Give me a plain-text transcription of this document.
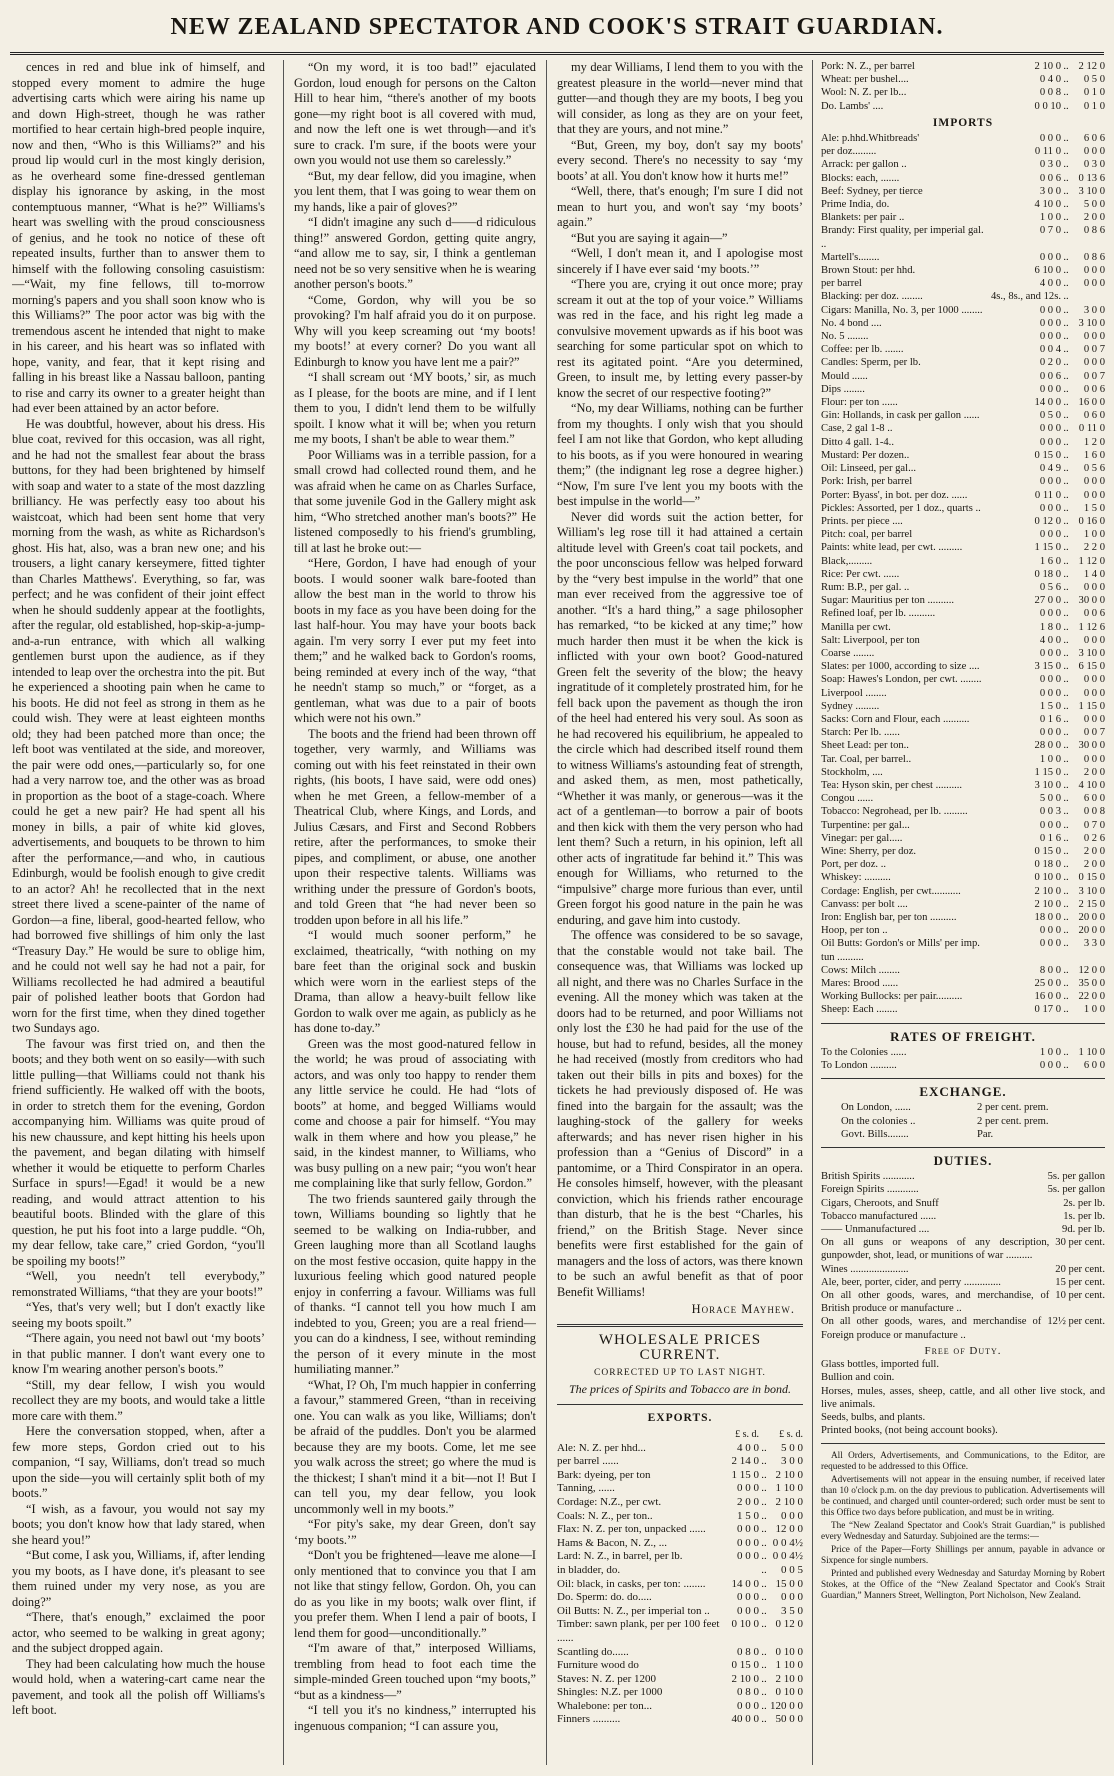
NEW ZEALAND SPECTATOR AND COOK'S STRAIT GUARDIAN.

cences in red and blue ink of himself, and stopped every moment to admire the huge advertising carts which were airing his name up and down High-street, though he was rather mortified to hear certain high-bred people inquire, now and then, “Who is this Williams?” and his proud lip would curl in the most kingly derision, as he overheard some fine-dressed gentleman display his ignorance by asking, in the most contemptuous manner, “What is he?” Williams's heart was swelling with the proud consciousness of genius, and he took no notice of these oft repeated insults, further than to answer them to himself with the following consoling casuistism: —“Wait, my fine fellows, till to-morrow morning's papers and you shall soon know who is this Williams?” The poor actor was big with the tremendous ascent he intended that night to make in his career, and his heart was so inflated with hope, vanity, and fear, that it kept rising and falling in his breast like a Nassau balloon, panting to rise and carry its owner to a greater height than had ever been attained by an actor before.

He was doubtful, however, about his dress. His blue coat, revived for this occasion, was all right, and he had not the smallest fear about the brass buttons, for they had been brightened by himself with soap and water to a state of the most dazzling brilliancy. He was perfectly easy too about his waistcoat, which had been sent home that very morning from the wash, as white as Richardson's ghost. His hat, also, was a bran new one; and his trousers, a light canary kerseymere, fitted tighter than Charles Matthews'. Everything, so far, was perfect; and he was confident of their joint effect when he should suddenly appear at the footlights, after the regular, old established, hop-skip-a-jump-and-a-run entrance, with which all walking gentlemen burst upon the audience, as if they intended to leap over the orchestra into the pit. But he experienced a shooting pain when he came to his boots. He did not feel as strong in them as he could wish. They were at least eighteen months old; they had been patched more than once; the left boot was ventilated at the side, and moreover, the pair were odd ones,—particularly so, for one had a very narrow toe, and the other was as broad in proportion as the boot of a stage-coach. Where could he get a new pair? He had spent all his money in bills, a pair of white kid gloves, advertisements, and bouquets to be thrown to him after the performance,—and who, in cautious Edinburgh, would be foolish enough to give credit to an actor? Ah! he recollected that in the next street there lived a scene-painter of the name of Gordon—a fine, liberal, good-hearted fellow, who had borrowed five shillings of him only the last “Treasury Day.” He would be sure to oblige him, and he could not well say he had not a pair, for Williams recollected he had admired a beautiful pair of polished leather boots that Gordon had worn for the first time, when they dined together two Sundays ago.

The favour was first tried on, and then the boots; and they both went on so easily—with such little pulling—that Williams could not thank his friend sufficiently. He walked off with the boots, in order to stretch them for the evening, Gordon accompanying him. Williams was quite proud of his new chaussure, and kept hitting his heels upon the pavement, and began dilating with himself whether it would be etiquette to perform Charles Surface in spurs!—Egad! it would be a new reading, and would attract attention to his beautiful boots. Blinded with the glare of this question, he put his foot into a large puddle. “Oh, my dear fellow, take care,” cried Gordon, “you'll be spoiling my boots!”

“Well, you needn't tell everybody,” remonstrated Williams, “that they are your boots!”

“Yes, that's very well; but I don't exactly like seeing my boots spoilt.”

“There again, you need not bawl out ‘my boots’ in that public manner. I don't want every one to know I'm wearing another person's boots.”

“Still, my dear fellow, I wish you would recollect they are my boots, and would take a little more care with them.”

Here the conversation stopped, when, after a few more steps, Gordon cried out to his companion, “I say, Williams, don't tread so much upon the side—you will certainly split both of my boots.”

“I wish, as a favour, you would not say my boots; you don't know how that lady stared, when she heard you!”

“But come, I ask you, Williams, if, after lending you my boots, as I have done, it's pleasant to see them ruined under my very nose, as you are doing?”

“There, that's enough,” exclaimed the poor actor, who seemed to be walking in great agony; and the subject dropped again.

They had been calculating how much the house would hold, when a watering-cart came near the pavement, and took all the polish off Williams's left boot.

“On my word, it is too bad!” ejaculated Gordon, loud enough for persons on the Calton Hill to hear him, “there's another of my boots gone—my right boot is all covered with mud, and now the left one is wet through—and it's sure to crack. I'm sure, if the boots were your own you would not use them so carelessly.”

“But, my dear fellow, did you imagine, when you lent them, that I was going to wear them on my hands, like a pair of gloves?”

“I didn't imagine any such d——d ridiculous thing!” answered Gordon, getting quite angry, “and allow me to say, sir, I think a gentleman need not be so very sensitive when he is wearing another person's boots.”

“Come, Gordon, why will you be so provoking? I'm half afraid you do it on purpose. Why will you keep screaming out ‘my boots! my boots!’ at every corner? Do you want all Edinburgh to know you have lent me a pair?”

“I shall scream out ‘MY boots,’ sir, as much as I please, for the boots are mine, and if I lent them to you, I didn't lend them to be wilfully spoilt. I know what it will be; when you return me my boots, I shan't be able to wear them.”

Poor Williams was in a terrible passion, for a small crowd had collected round them, and he was afraid when he came on as Charles Surface, that some juvenile God in the Gallery might ask him, “Who stretched another man's boots?” He listened composedly to his friend's grumbling, till at last he broke out:—

“Here, Gordon, I have had enough of your boots. I would sooner walk bare-footed than allow the best man in the world to throw his boots in my face as you have been doing for the last half-hour. You may have your boots back again. I'm very sorry I ever put my feet into them;” and he walked back to Gordon's rooms, being reminded at every inch of the way, “that he needn't stamp so much,” or “forget, as a gentleman, what was due to a pair of boots which were not his own.”

The boots and the friend had been thrown off together, very warmly, and Williams was coming out with his feet reinstated in their own rights, (his boots, I have said, were odd ones) when he met Green, a fellow-member of a Theatrical Club, where Kings, and Lords, and Julius Cæsars, and First and Second Robbers retire, after the performances, to smoke their pipes, and compliment, or abuse, one another upon their respective talents. Williams was writhing under the pressure of Gordon's boots, and told Green that “he had never been so trodden upon before in all his life.”

“I would much sooner perform,” he exclaimed, theatrically, “with nothing on my bare feet than the original sock and buskin which were worn in the earliest steps of the Drama, than allow a heavy-built fellow like Gordon to walk over me again, as publicly as he has done to-day.”

Green was the most good-natured fellow in the world; he was proud of associating with actors, and was only too happy to render them any little service he could. He had “lots of boots” at home, and begged Williams would come and choose a pair for himself. “You may walk in them where and how you please,” he said, in the kindest manner, to Williams, who was busy pulling on a new pair; “you won't hear me complaining like that surly fellow, Gordon.”

The two friends sauntered gaily through the town, Williams bounding so lightly that he seemed to be walking on India-rubber, and Green laughing more than all Scotland laughs on the most festive occasion, quite happy in the luxurious feeling which good natured people enjoy in conferring a favour. Williams was full of thanks. “I cannot tell you how much I am indebted to you, Green; you are a real friend—you can do a kindness, I see, without reminding the person of it every minute in the most humiliating manner.”

“What, I? Oh, I'm much happier in conferring a favour,” stammered Green, “than in receiving one. You can walk as you like, Williams; don't be afraid of the puddles. Don't you be alarmed because they are my boots. Come, let me see you walk across the street; go where the mud is the thickest; I shan't mind it a bit—not I! But I can tell you, my dear fellow, you look uncommonly well in my boots.”

“For pity's sake, my dear Green, don't say ‘my boots.’”

“Don't you be frightened—leave me alone—I only mentioned that to convince you that I am not like that stingy fellow, Gordon. Oh, you can do as you like in my boots; walk over flint, if you prefer them. When I lend a pair of boots, I lend them for good—unconditionally.”

“I'm aware of that,” interposed Williams, trembling from head to foot each time the simple-minded Green touched upon “my boots,” “but as a kindness—”

“I tell you it's no kindness,” interrupted his ingenuous companion; “I can assure you,

my dear Williams, I lend them to you with the greatest pleasure in the world—never mind that gutter—and though they are my boots, I beg you will consider, as long as they are on your feet, that they are yours, and not mine.”

“But, Green, my boy, don't say my boots' every second. There's no necessity to say ‘my boots’ at all. You don't know how it hurts me!”

“Well, there, that's enough; I'm sure I did not mean to hurt you, and won't say ‘my boots’ again.”

“But you are saying it again—”

“Well, I don't mean it, and I apologise most sincerely if I have ever said ‘my boots.’”

“There you are, crying it out once more; pray scream it out at the top of your voice.” Williams was red in the face, and his right leg made a convulsive movement upwards as if his boot was searching for some particular spot on which to rest its agitated point. “Are you determined, Green, to insult me, by letting every passer-by know the secret of our respective footing?”

“No, my dear Williams, nothing can be further from my thoughts. I only wish that you should feel I am not like that Gordon, who kept alluding to his boots, as if you were honoured in wearing them;” (the indignant leg rose a degree higher.) “Now, I'm sure I've lent you my boots with the best impulse in the world—”

Never did words suit the action better, for William's leg rose till it had attained a certain altitude level with Green's coat tail pockets, and the poor unconscious fellow was helped forward by the “very best impulse in the world” that one man ever received from the aggressive toe of another. “It's a hard thing,” a sage philosopher has remarked, “to be kicked at any time;” how much harder then must it be when the kick is inflicted with your own boot? Good-natured Green felt the severity of the blow; the heavy ingratitude of it completely prostrated him, for he fell back upon the pavement as though the iron of the heel had entered his very soul. As soon as he had recovered his equilibrium, he appealed to the circle which had described itself round them to witness Williams's astounding feat of strength, and asked them, as men, most pathetically, “Whether it was manly, or generous—was it the act of a gentleman—to borrow a pair of boots and then kick with them the very person who had lent them? Such a return, in his opinion, left all other acts of ingratitude far behind it.” This was enough for Williams, who returned to the “impulsive” charge more furious than ever, until Green forgot his good nature in the pain he was enduring, and gave him into custody.

The offence was considered to be so savage, that the constable would not take bail. The consequence was, that Williams was locked up all night, and there was no Charles Surface in the evening. All the money which was taken at the doors had to be returned, and poor Williams not only lost the £30 he had paid for the use of the house, but had to refund, besides, all the money he had received (mostly from creditors who had taken out their bills in pits and boxes) for the tickets he had previously disposed of. He was fined into the bargain for the assault; was the laughing-stock of the gallery for weeks afterwards; and has never risen higher in his profession than a “Genius of Discord” in a pantomime, or a Third Conspirator in an opera. He consoles himself, however, with the pleasant conviction, which his friends rather encourage than disturb, that he is the best “Charles, his friend,” on the British Stage. Never since benefits were first established for the gain of managers and the loss of actors, was there known to be such an awful benefit as that of poor Benefit Williams!

Horace Mayhew.
WHOLESALE PRICES CURRENT.
CORRECTED UP TO LAST NIGHT.
The prices of Spirits and Tobacco are in bond.
EXPORTS.
	£ s. d.		£ s. d.
Ale: N. Z. per hhd...	4 0 0	..	5 0 0
per barrel ......	2 14 0	..	3 0 0
Bark: dyeing, per ton	1 15 0	..	2 10 0
Tanning, ......	0 0 0	..	1 10 0
Cordage: N.Z., per cwt.	2 0 0	..	2 10 0
Coals: N. Z., per ton..	1 5 0	..	0 0 0
Flax: N. Z. per ton, unpacked ......	0 0 0	..	12 0 0
Hams & Bacon, N. Z., ...	0 0 0	..	0 0 4½
Lard: N. Z., in barrel, per lb.	0 0 0	..	0 0 4½
in bladder, do.		..	0 0 5
Oil: black, in casks, per ton: ........	14 0 0	..	15 0 0
Do. Sperm: do. do.....	0 0 0	..	0 0 0
Oil Butts: N. Z., per imperial ton ..	0 0 0	..	3 5 0
Timber: sawn plank, per per 100 feet ......	0 10 0	..	0 12 0
Scantling do......	0 8 0	..	0 10 0
Furniture wood do	0 15 0	..	1 10 0
Staves: N. Z. per 1200	2 10 0	..	2 10 0
Shingles: N.Z. per 1000	0 8 0	..	0 10 0
Whalebone: per ton...	0 0 0	..	120 0 0
Finners ..........	40 0 0	..	50 0 0
Pork: N. Z., per barrel	2 10 0	..	2 12 0
Wheat: per bushel....	0 4 0	..	0 5 0
Wool: N. Z. per lb...	0 0 8	..	0 1 0
Do. Lambs' ....	0 0 10	..	0 1 0
IMPORTS
Ale: p.hhd.Whitbreads'	0 0 0	..	6 0 6
per doz.........	0 11 0	..	0 0 0
Arrack: per gallon ..	0 3 0	..	0 3 0
Blocks: each, .......	0 0 6	..	0 13 6
Beef: Sydney, per tierce	3 0 0	..	3 10 0
Prime India, do.	4 10 0	..	5 0 0
Blankets: per pair ..	1 0 0	..	2 0 0
Brandy: First quality, per imperial gal. ..	0 7 0	..	0 8 6
Martell's........	0 0 0	..	0 8 6
Brown Stout: per hhd.	6 10 0	..	0 0 0
per barrel	4 0 0	..	0 0 0
Blacking: per doz. ........	4s., 8s., and 12s.	..	
Cigars: Manilla, No. 3, per 1000 ........	0 0 0	..	3 0 0
No. 4 bond ....	0 0 0	..	3 10 0
No. 5 ........	0 0 0	..	0 0 0
Coffee: per lb. .......	0 0 4	..	0 0 7
Candles: Sperm, per lb.	0 2 0	..	0 0 0
Mould ......	0 0 6	..	0 0 7
Dips ........	0 0 0	..	0 0 6
Flour: per ton ......	14 0 0	..	16 0 0
Gin: Hollands, in cask per gallon ......	0 5 0	..	0 6 0
Case, 2 gal 1-8 ..	0 0 0	..	0 11 0
Ditto 4 gall. 1-4..	0 0 0	..	1 2 0
Mustard: Per dozen..	0 15 0	..	1 6 0
Oil: Linseed, per gal...	0 4 9	..	0 5 6
Pork: Irish, per barrel	0 0 0	..	0 0 0
Porter: Byass', in bot. per doz. ......	0 11 0	..	0 0 0
Pickles: Assorted, per 1 doz., quarts ..	0 0 0	..	1 5 0
Prints. per piece ....	0 12 0	..	0 16 0
Pitch: coal, per barrel	0 0 0	..	1 0 0
Paints: white lead, per cwt. .........	1 15 0	..	2 2 0
Black,.........	1 6 0	..	1 12 0
Rice: Per cwt. ......	0 18 0	..	1 4 0
Rum: B.P., per gal. ..	0 5 6	..	0 0 0
Sugar: Mauritius per ton ..........	27 0 0	..	30 0 0
Refined loaf, per lb. ..........	0 0 0	..	0 0 6
Manilla per cwt.	1 8 0	..	1 12 6
Salt: Liverpool, per ton	4 0 0	..	0 0 0
Coarse ........	0 0 0	..	3 10 0
Slates: per 1000, according to size ....	3 15 0	..	6 15 0
Soap: Hawes's London, per cwt. ........	0 0 0	..	0 0 0
Liverpool ........	0 0 0	..	0 0 0
Sydney .........	1 5 0	..	1 15 0
Sacks: Corn and Flour, each ..........	0 1 6	..	0 0 0
Starch: Per lb. ......	0 0 0	..	0 0 7
Sheet Lead: per ton..	28 0 0	..	30 0 0
Tar. Coal, per barrel..	1 0 0	..	0 0 0
Stockholm, ....	1 15 0	..	2 0 0
Tea: Hyson skin, per chest ..........	3 10 0	..	4 10 0
Congou ......	5 0 0	..	6 0 0
Tobacco: Negrohead, per lb. .........	0 0 3	..	0 0 8
Turpentine: per gal...	0 0 0	..	0 7 0
Vinegar: per gal.....	0 1 6	..	0 2 6
Wine: Sherry, per doz.	0 15 0	..	2 0 0
Port, per doz. ..	0 18 0	..	2 0 0
Whiskey: ..........	0 10 0	..	0 15 0
Cordage: English, per cwt...........	2 10 0	..	3 10 0
Canvass: per bolt ....	2 10 0	..	2 15 0
Iron: English bar, per ton ..........	18 0 0	..	20 0 0
Hoop, per ton ..	0 0 0	..	20 0 0
Oil Butts: Gordon's or Mills' per imp. tun ..........	0 0 0	..	3 3 0
Cows: Milch ........	8 0 0	..	12 0 0
Mares: Brood ......	25 0 0	..	35 0 0
Working Bullocks: per pair..........	16 0 0	..	22 0 0
Sheep: Each ........	0 17 0	..	1 0 0
RATES OF FREIGHT.
To the Colonies ......	1 0 0	..	1 10 0
To London ..........	0 0 0	..	6 0 0
EXCHANGE.
On London, ......	2 per cent. prem.
On the colonies ..	2 per cent. prem.
Govt. Bills........	Par.
DUTIES.
British Spirits ............	5s. per gallon
Foreign Spirits ............	5s. per gallon
Cigars, Cheroots, and Snuff	2s. per lb.
Tobacco manufactured ......	1s. per lb.
—— Unmanufactured ....	9d. per lb.
On all guns or weapons of any description, gunpowder, shot, lead, or munitions of war ..........
30 per cent.
Wines ......................	20 per cent.
Ale, beer, porter, cider, and perry ..............	15 per cent.
On all other goods, wares, and merchandise, of British produce or manufacture ..
10 per cent.
On all other goods, wares, and merchandise of Foreign produce or manufacture ..
12½ per cent.
Free of Duty.
Glass bottles, imported full.
Bullion and coin.
Horses, mules, asses, sheep, cattle, and all other live stock, and live animals.
Seeds, bulbs, and plants.
Printed books, (not being account books).

All Orders, Advertisements, and Communications, to the Editor, are requested to be addressed to this Office.

Advertisements will not appear in the ensuing number, if received later than 10 o'clock p.m. on the day previous to publication. Advertisements will be continued, and charged until counter-ordered; such order must be sent to this Office two days before publication, and must be in writing.

The “New Zealand Spectator and Cook's Strait Guardian,” is published every Wednesday and Saturday. Subjoined are the terms:—

Price of the Paper—Forty Shillings per annum, payable in advance or Sixpence for single numbers.

Printed and published every Wednesday and Saturday Morning by Robert Stokes, at the Office of the “New Zealand Spectator and Cook's Strait Guardian,” Manners Street, Wellington, Port Nicholson, New Zealand.
